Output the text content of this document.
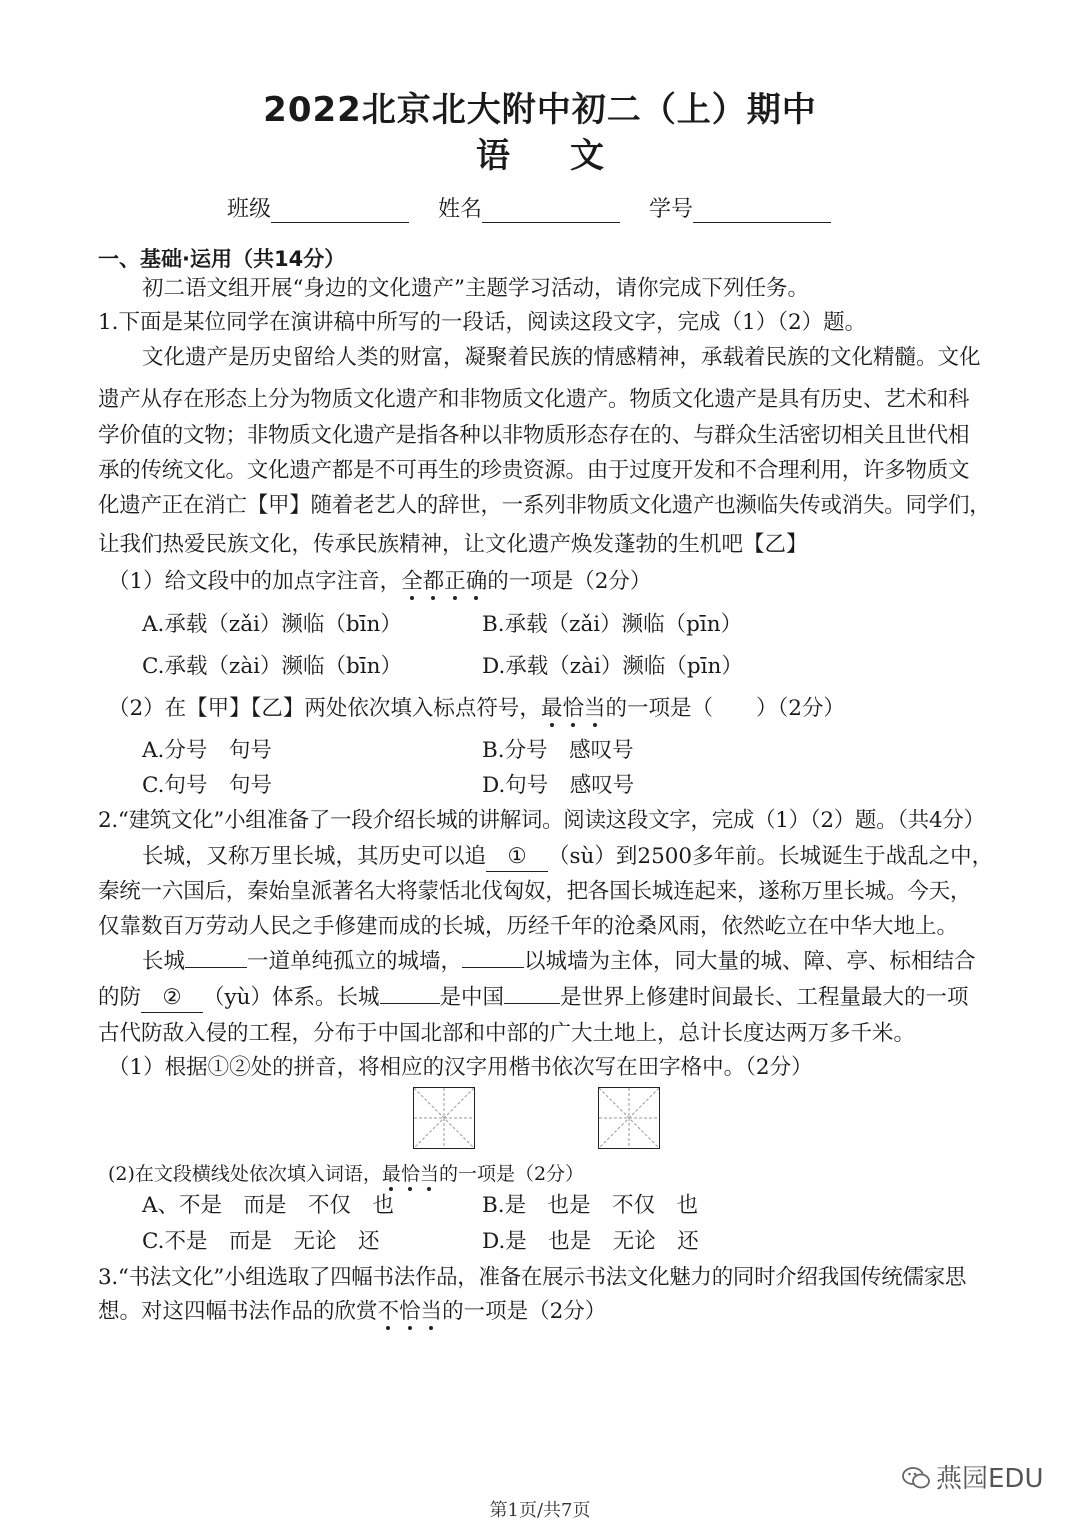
2022北京北大附中初二（上）期中
语 文
班级	姓名	学号
一、基础·运用（共14分）
初二语文组开展“身边的文化遗产”主题学习活动，请你完成下列任务。
1.下面是某位同学在演讲稿中所写的一段话，阅读这段文字，完成（1）（2）题。
文化遗产是历史留给人类的财富，凝聚着民族的情感精神，承载着民族的文化精髓。文化
遗产从存在形态上分为物质文化遗产和非物质文化遗产。物质文化遗产是具有历史、艺术和科
学价值的文物；非物质文化遗产是指各种以非物质形态存在的、与群众生活密切相关且世代相
承的传统文化。文化遗产都是不可再生的珍贵资源。由于过度开发和不合理利用，许多物质文
化遗产正在消亡【甲】随着老艺人的辞世，一系列非物质文化遗产也濒临失传或消失。同学们，
让我们热爱民族文化，传承民族精神，让文化遗产焕发蓬勃的生机吧【乙】
（1）给文段中的加点字注音，全都正确的一项是（2分）
A.承载（zǎi）濒临（bīn）	B.承载（zǎi）濒临（pīn）
C.承载（zài）濒临（bīn）	D.承载（zài）濒临（pīn）
（2）在【甲】【乙】两处依次填入标点符号，最恰当的一项是（　　）（2分）
A.分号　句号	B.分号　感叹号
C.句号　句号	D.句号　感叹号
2.“建筑文化”小组准备了一段介绍长城的讲解词。阅读这段文字，完成（1）（2）题。（共4分）
长城，又称万里长城，其历史可以追 ① （sù）到2500多年前。长城诞生于战乱之中，
秦统一六国后，秦始皇派著名大将蒙恬北伐匈奴，把各国长城连起来，遂称万里长城。今天，
仅靠数百万劳动人民之手修建而成的长城，历经千年的沧桑风雨，依然屹立在中华大地上。
长城	一道单纯孤立的城墙，	以城墙为主体，同大量的城、障、亭、标相结合
的防 ② （yù）体系。长城	是中国	是世界上修建时间最长、工程量最大的一项
古代防敌入侵的工程，分布于中国北部和中部的广大土地上，总计长度达两万多千米。
（1）根据①②处的拼音，将相应的汉字用楷书依次写在田字格中。（2分）
(2)在文段横线处依次填入词语，最恰当的一项是（2分）
A、不是　而是　不仅　也	B.是　也是　不仅　也
C.不是　而是　无论　还	D.是　也是　无论　还
3.“书法文化”小组选取了四幅书法作品，准备在展示书法文化魅力的同时介绍我国传统儒家思
想。对这四幅书法作品的欣赏不恰当的一项是（2分）
燕园EDU
第1页/共7页
